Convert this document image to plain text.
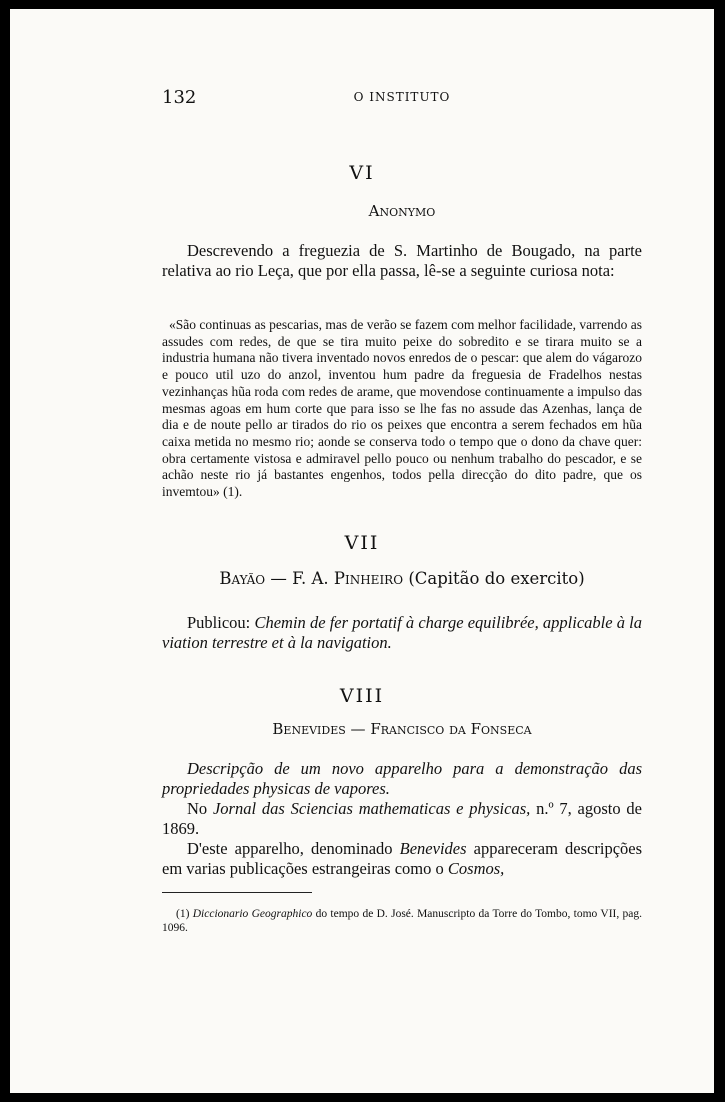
132	O INSTITUTO
VI
Anonymo

Descrevendo a freguezia de S. Martinho de Bougado, na parte relativa ao rio Leça, que por ella passa, lê-se a seguinte curiosa nota:

«São continuas as pescarias, mas de verão se fazem com melhor facilidade, varrendo as assudes com redes, de que se tira muito peixe do sobredito e se tirara muito se a industria humana não tivera inventado novos enredos de o pescar: que alem do vágarozo e pouco util uzo do anzol, inventou hum padre da freguesia de Fradelhos nestas vezinhanças hũa roda com redes de arame, que movendose continuamente a impulso das mesmas agoas em hum corte que para isso se lhe fas no assude das Azenhas, lança de dia e de noute pello ar tirados do rio os peixes que encontra a serem fechados em hũa caixa metida no mesmo rio; aonde se conserva todo o tempo que o dono da chave quer: obra certamente vistosa e admiravel pello pouco ou nenhum trabalho do pescador, e se achão neste rio já bastantes engenhos, todos pella direcção do dito padre, que os invemtou» (1).

VII
Bayão — F. A. Pinheiro (Capitão do exercito)

Publicou: Chemin de fer portatif à charge equilibrée, applicable à la viation terrestre et à la navigation.

VIII
Benevides — Francisco da Fonseca

Descripção de um novo apparelho para a demonstração das propriedades physicas de vapores.

No Jornal das Sciencias mathematicas e physicas, n.º 7, agosto de 1869.

D'este apparelho, denominado Benevides appareceram descripções em varias publicações estrangeiras como o Cosmos,

(1) Diccionario Geographico do tempo de D. José. Manuscripto da Torre do Tombo, tomo VII, pag. 1096.
